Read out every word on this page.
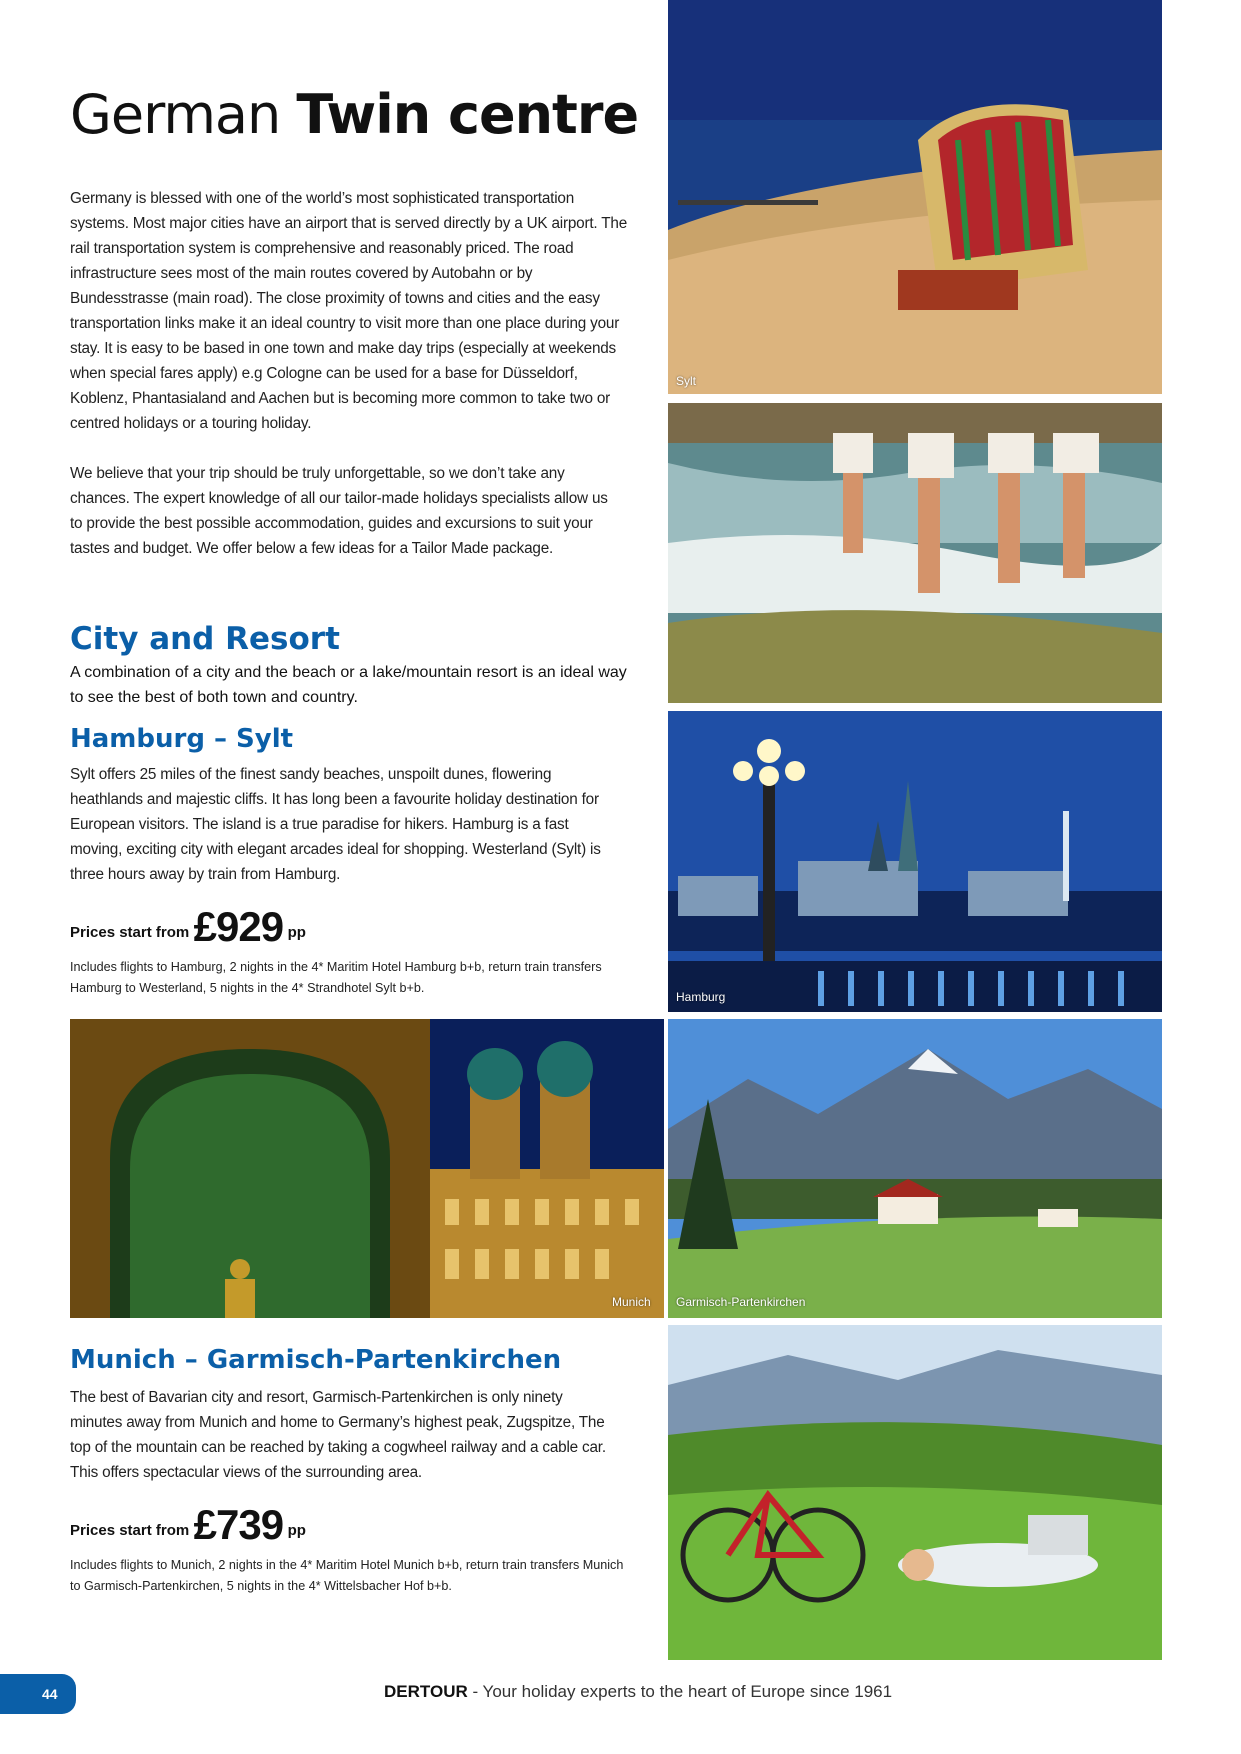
German Twin centre

Germany is blessed with one of the world’s most sophisticated transportation systems. Most major cities have an airport that is served directly by a UK airport. The rail transportation system is comprehensive and reasonably priced. The road infrastructure sees most of the main routes covered by Autobahn or by Bundesstrasse (main road). The close proximity of towns and cities and the easy transportation links make it an ideal country to visit more than one place during your stay. It is easy to be based in one town and make day trips (especially at weekends when special fares apply) e.g Cologne can be used for a base for Düsseldorf, Koblenz, Phantasialand and Aachen but is becoming more common to take two or centred holidays or a touring holiday.

We believe that your trip should be truly unforgettable, so we don’t take any chances. The expert knowledge of all our tailor-made holidays specialists allow us to provide the best possible accommodation, guides and excursions to suit your tastes and budget. We offer below a few ideas for a Tailor Made package.

City and Resort

A combination of a city and the beach or a lake/mountain resort is an ideal way to see the best of both town and country.

Hamburg – Sylt

Sylt offers 25 miles of the finest sandy beaches, unspoilt dunes, flowering heathlands and majestic cliffs. It has long been a favourite holiday destination for European visitors. The island is a true paradise for hikers. Hamburg is a fast moving, exciting city with elegant arcades ideal for shopping. Westerland (Sylt) is three hours away by train from Hamburg.

Prices start from £929 pp

Includes flights to Hamburg, 2 nights in the 4* Maritim Hotel Hamburg b+b, return train transfers Hamburg to Westerland, 5 nights in the 4* Strandhotel Sylt b+b.

Munich
Munich – Garmisch-Partenkirchen

The best of Bavarian city and resort, Garmisch-Partenkirchen is only ninety minutes away from Munich and home to Germany’s highest peak, Zugspitze, The top of the mountain can be reached by taking a cogwheel railway and a cable car. This offers spectacular views of the surrounding area.

Prices start from £739 pp

Includes flights to Munich, 2 nights in the 4* Maritim Hotel Munich b+b, return train transfers Munich to Garmisch-Partenkirchen, 5 nights in the 4* Wittelsbacher Hof b+b.

Sylt
Hamburg
Garmisch-Partenkirchen
44	DERTOUR - Your holiday experts to the heart of Europe since 1961
